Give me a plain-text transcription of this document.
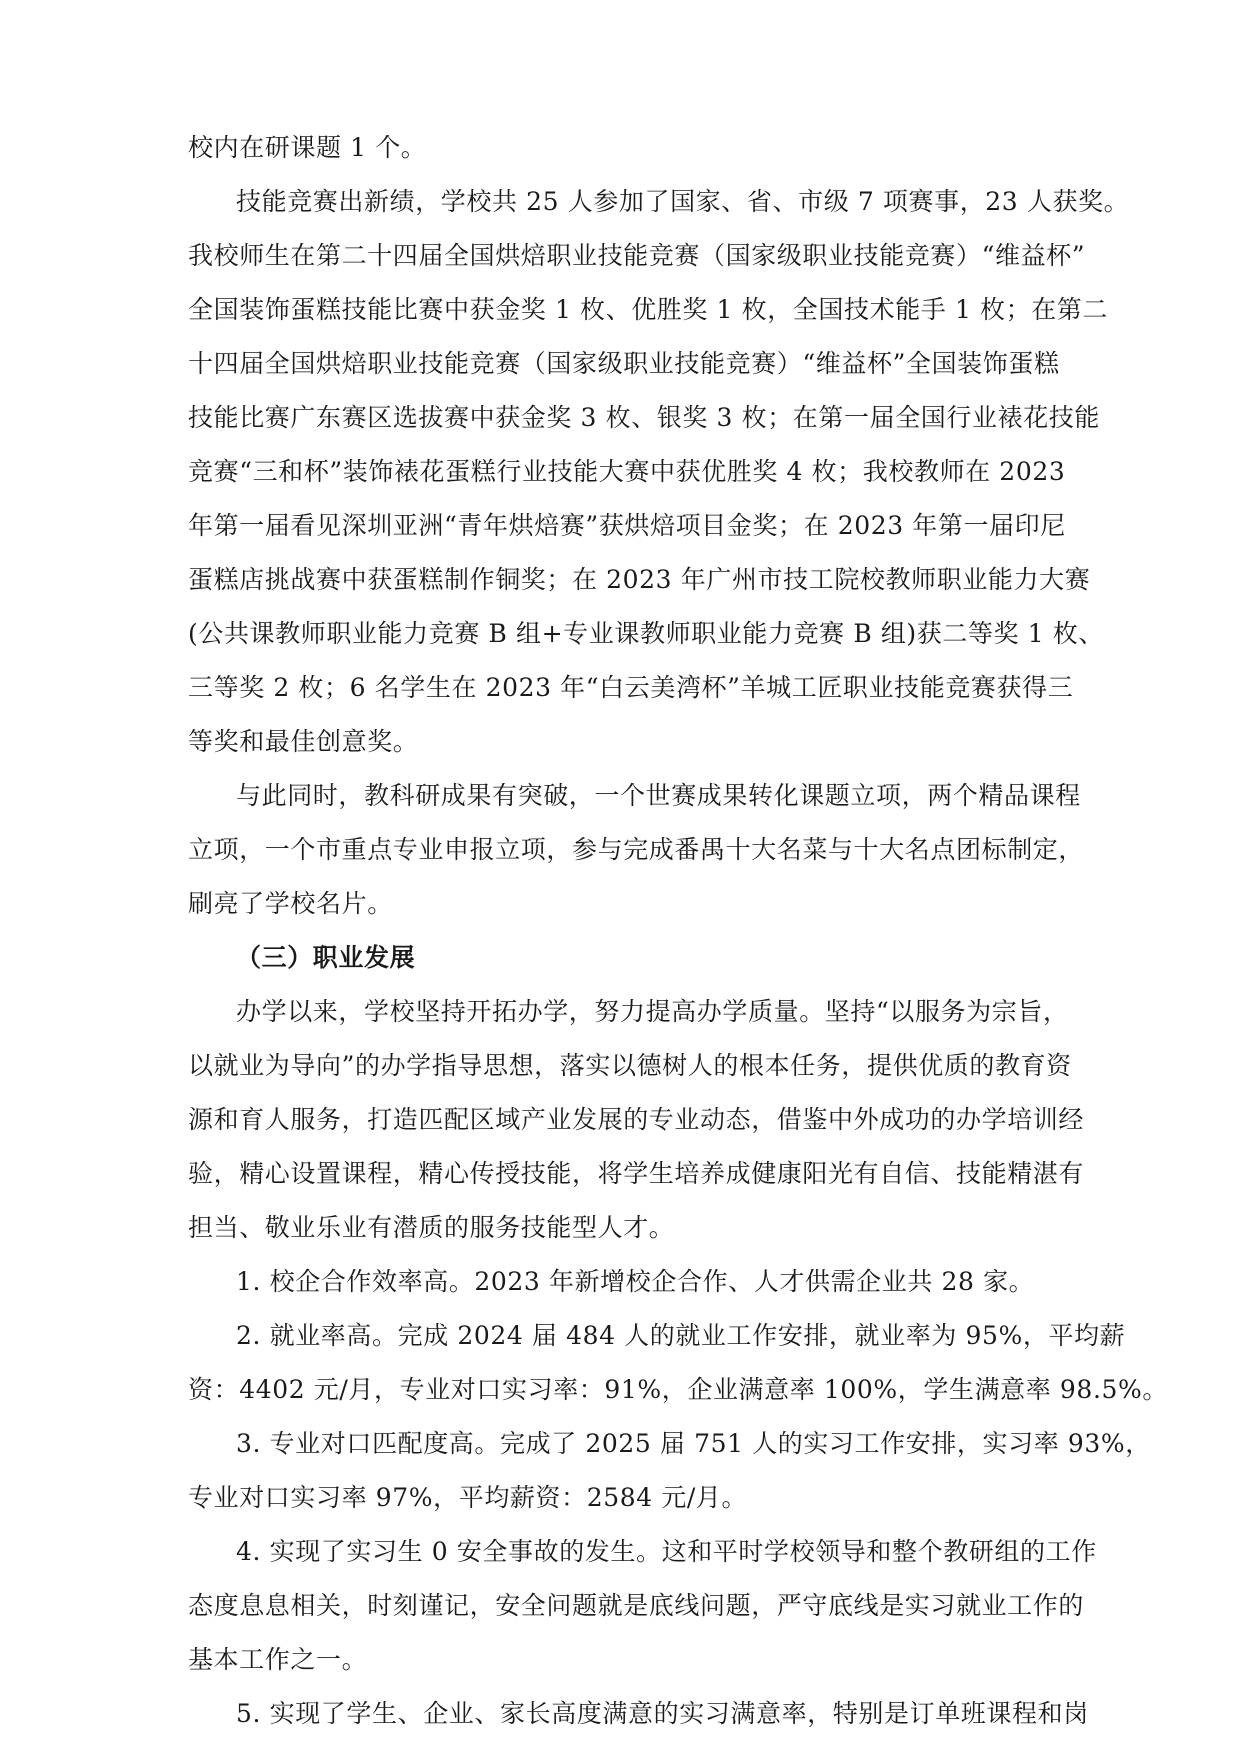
校内在研课题 1 个。
技能竞赛出新绩，学校共 25 人参加了国家、省、市级 7 项赛事，23 人获奖。
我校师生在第二十四届全国烘焙职业技能竞赛（国家级职业技能竞赛）“维益杯”
全国装饰蛋糕技能比赛中获金奖 1 枚、优胜奖 1 枚，全国技术能手 1 枚；在第二
十四届全国烘焙职业技能竞赛（国家级职业技能竞赛）“维益杯”全国装饰蛋糕
技能比赛广东赛区选拔赛中获金奖 3 枚、银奖 3 枚；在第一届全国行业裱花技能
竞赛“三和杯”装饰裱花蛋糕行业技能大赛中获优胜奖 4 枚；我校教师在 2023
年第一届看见深圳亚洲“青年烘焙赛”获烘焙项目金奖；在 2023 年第一届印尼
蛋糕店挑战赛中获蛋糕制作铜奖；在 2023 年广州市技工院校教师职业能力大赛
(公共课教师职业能力竞赛 B 组+专业课教师职业能力竞赛 B 组)获二等奖 1 枚、
三等奖 2 枚；6 名学生在 2023 年“白云美湾杯”羊城工匠职业技能竞赛获得三
等奖和最佳创意奖。
与此同时，教科研成果有突破，一个世赛成果转化课题立项，两个精品课程
立项，一个市重点专业申报立项，参与完成番禺十大名菜与十大名点团标制定，
刷亮了学校名片。
（三）职业发展
办学以来，学校坚持开拓办学，努力提高办学质量。坚持“以服务为宗旨，
以就业为导向”的办学指导思想，落实以德树人的根本任务，提供优质的教育资
源和育人服务，打造匹配区域产业发展的专业动态，借鉴中外成功的办学培训经
验，精心设置课程，精心传授技能，将学生培养成健康阳光有自信、技能精湛有
担当、敬业乐业有潜质的服务技能型人才。
1. 校企合作效率高。2023 年新增校企合作、人才供需企业共 28 家。
2. 就业率高。完成 2024 届 484 人的就业工作安排，就业率为 95%，平均薪
资：4402 元/月，专业对口实习率：91%，企业满意率 100%，学生满意率 98.5%。
3. 专业对口匹配度高。完成了 2025 届 751 人的实习工作安排，实习率 93%，
专业对口实习率 97%，平均薪资：2584 元/月。
4. 实现了实习生 0 安全事故的发生。这和平时学校领导和整个教研组的工作
态度息息相关，时刻谨记，安全问题就是底线问题，严守底线是实习就业工作的
基本工作之一。
5. 实现了学生、企业、家长高度满意的实习满意率，特别是订单班课程和岗
